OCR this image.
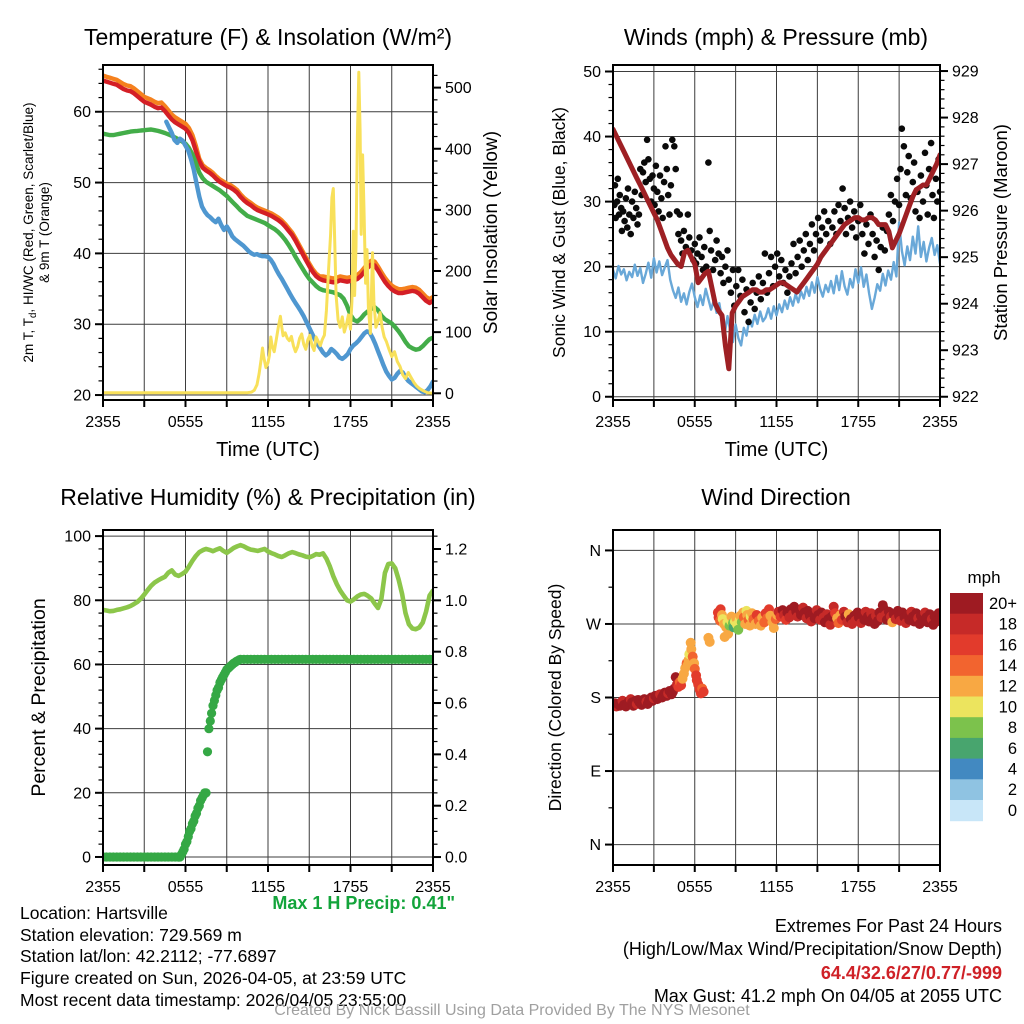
Temperature (F) & Insolation (W/m²)	Winds (mph) & Pressure (mb)
Relative Humidity (%) & Precipitation (in)	Wind Direction
2355	0555	1155	1755	2355
Time (UTC)
20
30
40
50
60
2m T, $T_d$, HI/WC (Red, Green, Scarlet/Blue) & 9m T (Orange)
0
100
200
300
400
500
Solar Insolation (Yellow)
2355	0555	1155	1755	2355
Time (UTC)
0
10
20
30
40
50
Sonic Wind & Gust (Blue, Black)
922
923
924
925
926
927
928
929
Station Pressure (Maroon)
2355	0555	1155	1755	2355
0
20
40
60
80
100
Percent & Precipitation
0.0
0.2
0.4
0.6
0.8
1.0
1.2
2355	0555	1155	1755	2355
N
E
S
W
N
Direction (Colored By Speed)	20+
18
16
14
12
10
8
6
4
2
0
mph
Location: Hartsville
Station elevation: 729.569 m
Station lat/lon: 42.2112; -77.6897
Figure created on Sun, 2026-04-05, at 23:59 UTC
Most recent data timestamp: 2026/04/05 23:55:00
Max 1 H Precip: 0.41"
Extremes For Past 24 Hours
(High/Low/Max Wind/Precipitation/Snow Depth)
64.4/32.6/27/0.77/-999
Max Gust: 41.2 mph On 04/05 at 2055 UTC
Created By Nick Bassill Using Data Provided By The NYS Mesonet
